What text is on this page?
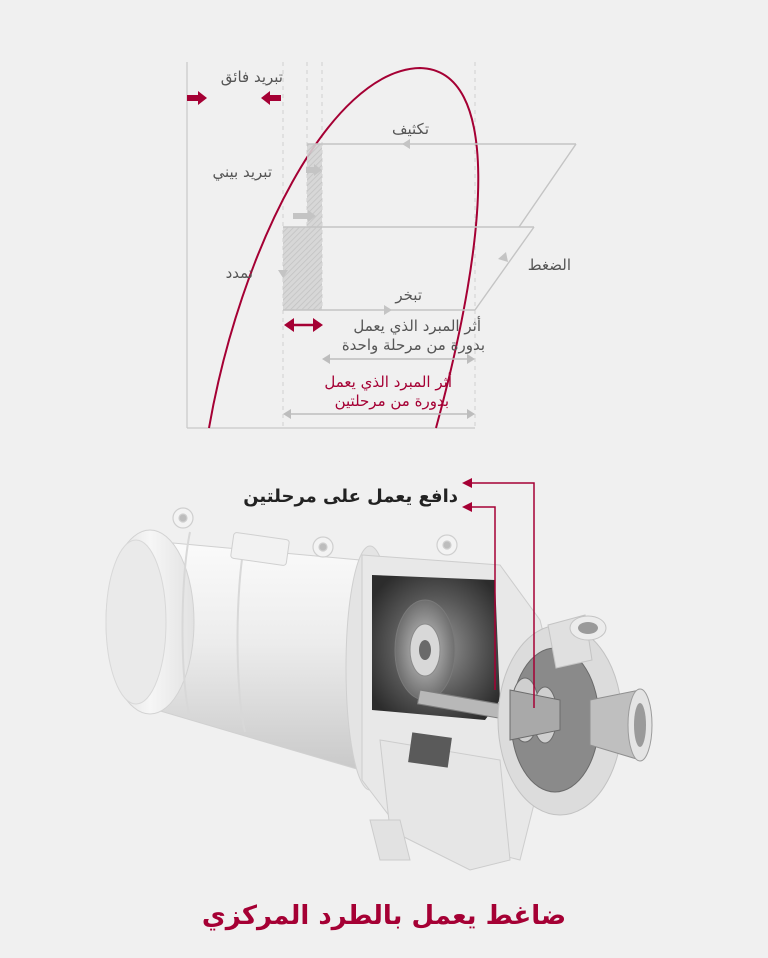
تبريد فائق
تكثيف
تبريد بيني
الضغط
تمدد
تبخر
أثر المبرد الذي يعمل
بدورة من مرحلة واحدة
أثر المبرد الذي يعمل
بدورة من مرحلتين
دافع يعمل على مرحلتين
ضاغط يعمل بالطرد المركزي
